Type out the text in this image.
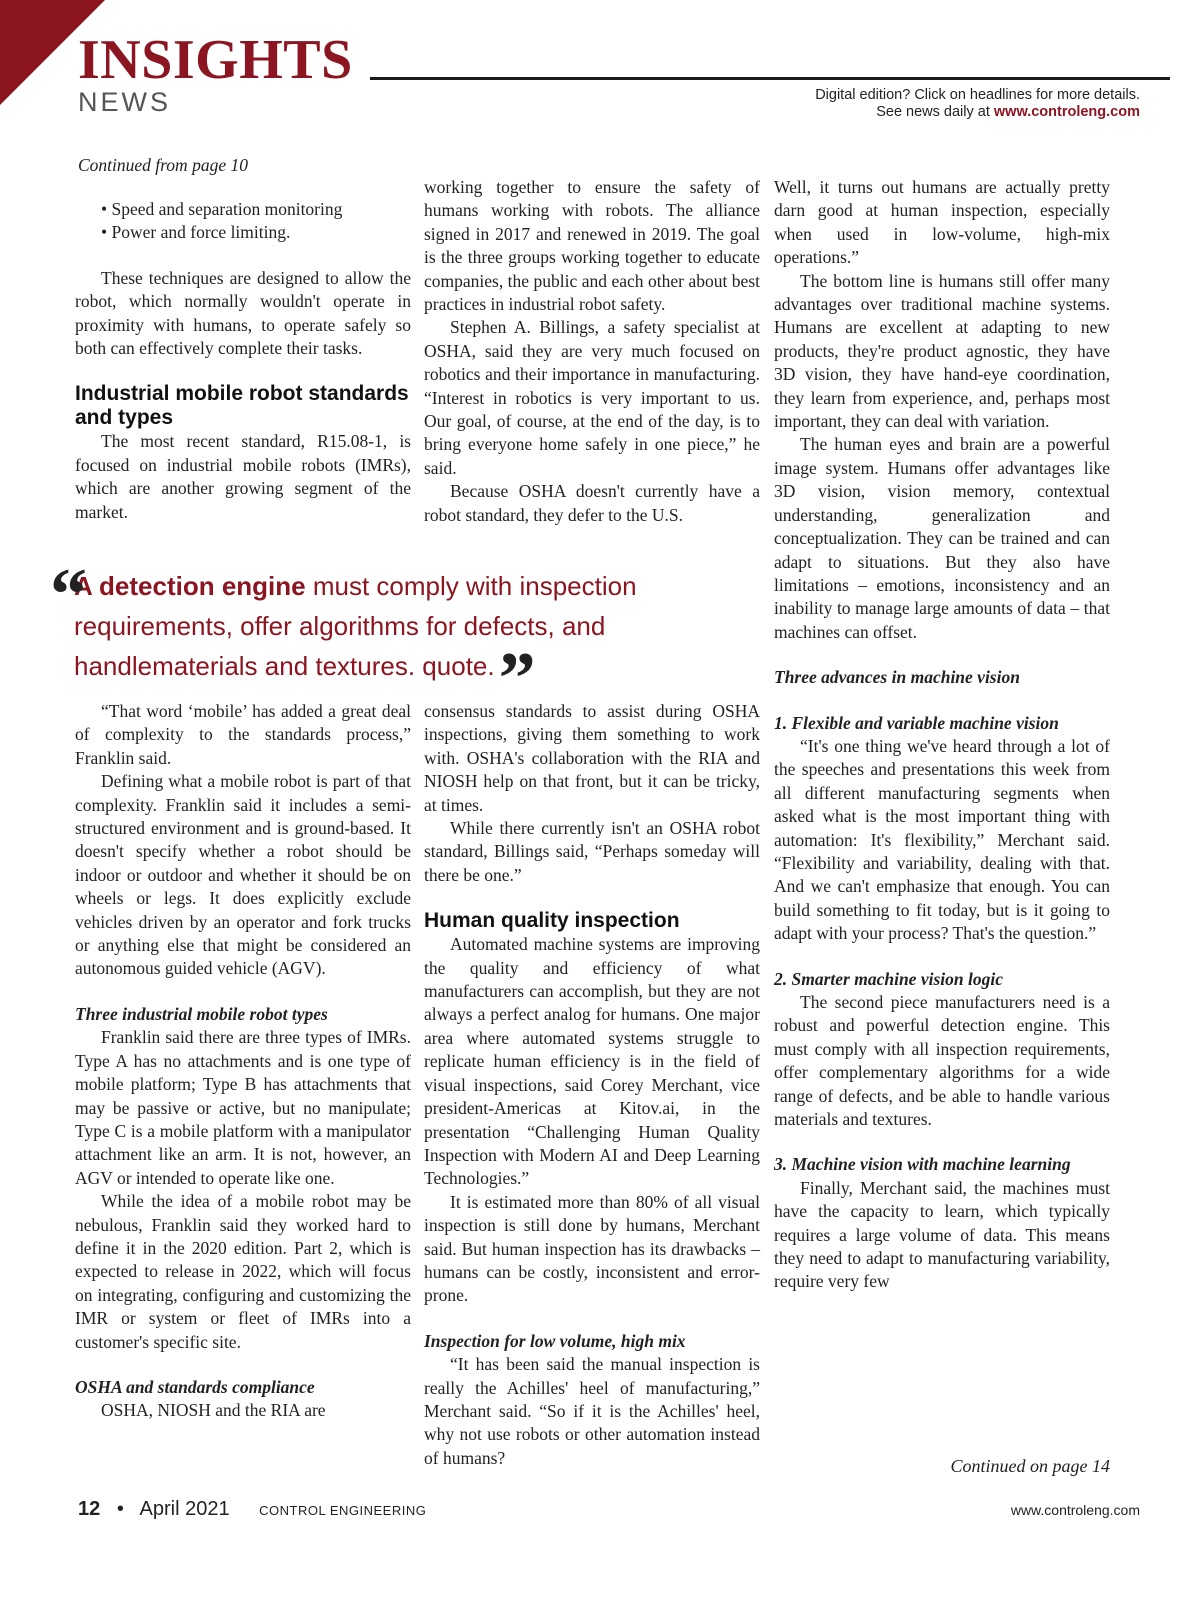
INSIGHTS
NEWS	Digital edition? Click on headlines for more details.
See news daily at www.controleng.com
Continued from page 10
• Speed and separation monitoring
• Power and force limiting.

These techniques are designed to allow the robot, which normally wouldn't operate in proximity with humans, to operate safely so both can effectively complete their tasks.

Industrial mobile robot standards and types

The most recent standard, R15.08-1, is focused on industrial mobile robots (IMRs), which are another growing segment of the market.

working together to ensure the safety of humans working with robots. The alliance signed in 2017 and renewed in 2019. The goal is the three groups working together to educate companies, the public and each other about best practices in industrial robot safety.

Stephen A. Billings, a safety specialist at OSHA, said they are very much focused on robotics and their importance in manufacturing. “Interest in robotics is very important to us. Our goal, of course, at the end of the day, is to bring everyone home safely in one piece,” he said.

Because OSHA doesn't currently have a robot standard, they defer to the U.S.

“

A detection engine must comply with inspection requirements, offer algorithms for defects, and handlematerials and textures. quote.”

“That word ‘mobile’ has added a great deal of complexity to the standards process,” Franklin said.

Defining what a mobile robot is part of that complexity. Franklin said it includes a semi-structured environment and is ground-based. It doesn't specify whether a robot should be indoor or outdoor and whether it should be on wheels or legs. It does explicitly exclude vehicles driven by an operator and fork trucks or anything else that might be considered an autonomous guided vehicle (AGV).

Three industrial mobile robot types

Franklin said there are three types of IMRs. Type A has no attachments and is one type of mobile platform; Type B has attachments that may be passive or active, but no manipulate; Type C is a mobile platform with a manipulator attachment like an arm. It is not, however, an AGV or intended to operate like one.

While the idea of a mobile robot may be nebulous, Franklin said they worked hard to define it in the 2020 edition. Part 2, which is expected to release in 2022, which will focus on integrating, configuring and customizing the IMR or system or fleet of IMRs into a customer's specific site.

OSHA and standards compliance

OSHA, NIOSH and the RIA are

consensus standards to assist during OSHA inspections, giving them something to work with. OSHA's collaboration with the RIA and NIOSH help on that front, but it can be tricky, at times.

While there currently isn't an OSHA robot standard, Billings said, “Perhaps someday will there be one.”

Human quality inspection

Automated machine systems are improving the quality and efficiency of what manufacturers can accomplish, but they are not always a perfect analog for humans. One major area where automated systems struggle to replicate human efficiency is in the field of visual inspections, said Corey Merchant, vice president-Americas at Kitov.ai, in the presentation “Challenging Human Quality Inspection with Modern AI and Deep Learning Technologies.”

It is estimated more than 80% of all visual inspection is still done by humans, Merchant said. But human inspection has its drawbacks – humans can be costly, inconsistent and error-prone.

Inspection for low volume, high mix

“It has been said the manual inspection is really the Achilles' heel of manufacturing,” Merchant said. “So if it is the Achilles' heel, why not use robots or other automation instead of humans?

Well, it turns out humans are actually pretty darn good at human inspection, especially when used in low-volume, high-mix operations.”

The bottom line is humans still offer many advantages over traditional machine systems. Humans are excellent at adapting to new products, they're product agnostic, they have 3D vision, they have hand-eye coordination, they learn from experience, and, perhaps most important, they can deal with variation.

The human eyes and brain are a powerful image system. Humans offer advantages like 3D vision, vision memory, contextual understanding, generalization and conceptualization. They can be trained and can adapt to situations. But they also have limitations – emotions, inconsistency and an inability to manage large amounts of data – that machines can offset.

Three advances in machine vision
1. Flexible and variable machine vision

“It's one thing we've heard through a lot of the speeches and presentations this week from all different manufacturing segments when asked what is the most important thing with automation: It's flexibility,” Merchant said. “Flexibility and variability, dealing with that. And we can't emphasize that enough. You can build something to fit today, but is it going to adapt with your process? That's the question.”

2. Smarter machine vision logic

The second piece manufacturers need is a robust and powerful detection engine. This must comply with all inspection requirements, offer complementary algorithms for a wide range of defects, and be able to handle various materials and textures.

3. Machine vision with machine learning

Finally, Merchant said, the machines must have the capacity to learn, which typically requires a large volume of data. This means they need to adapt to manufacturing variability, require very few

Continued on page 14
12 • April 2021 CONTROL ENGINEERING	www.controleng.com
